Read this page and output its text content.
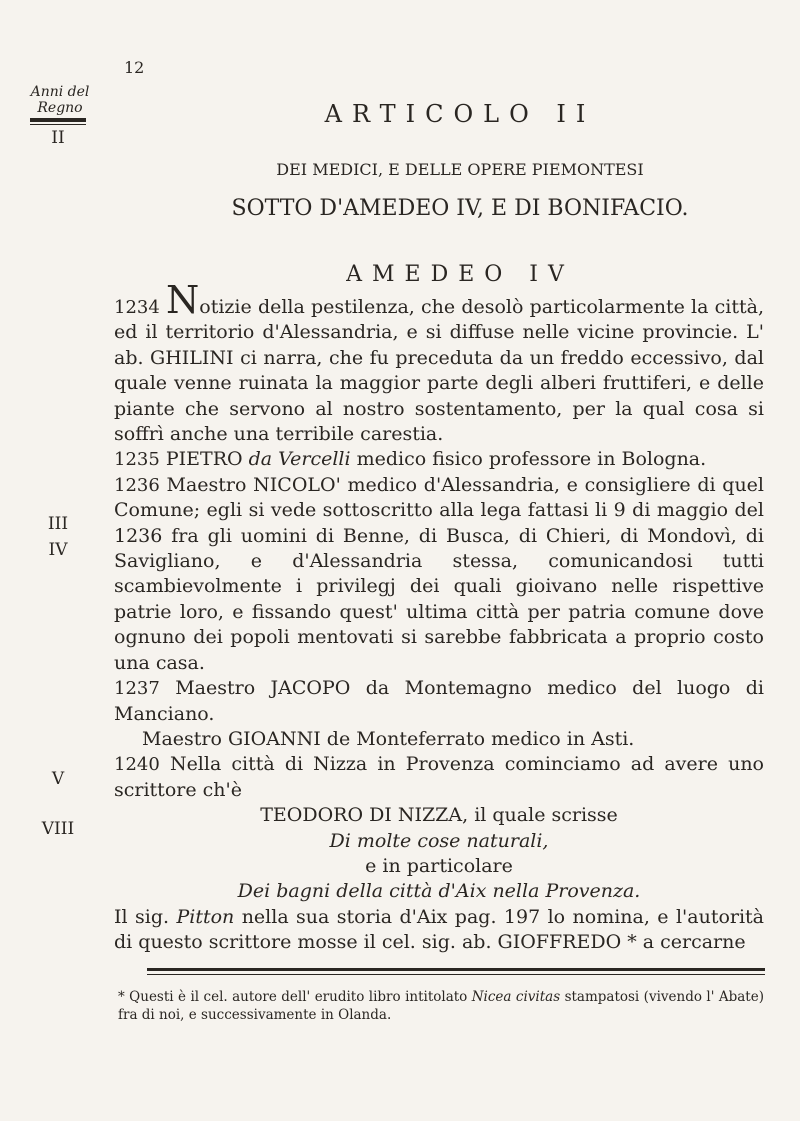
12
Anni del Regno
II
III
IV
V
VIII
ARTICOLO II
DEI MEDICI, E DELLE OPERE PIEMONTESI
SOTTO D'AMEDEO IV, E DI BONIFACIO.
AMEDEO IV

1234 Notizie della pestilenza, che desolò particolarmente la città, ed il territorio d'Alessandria, e si diffuse nelle vicine provincie. L' ab. GHILINI ci narra, che fu preceduta da un freddo eccessivo, dal quale venne ruinata la maggior parte degli alberi fruttiferi, e delle piante che servono al nostro sostentamento, per la qual cosa si soffrì anche una terribile carestia.

1235 PIETRO da Vercelli medico fisico professore in Bologna.

1236 Maestro NICOLO' medico d'Alessandria, e consigliere di quel Comune; egli si vede sottoscritto alla lega fattasi li 9 di maggio del 1236 fra gli uomini di Benne, di Busca, di Chieri, di Mondovì, di Savigliano, e d'Alessandria stessa, comunicandosi tutti scambievolmente i privilegj dei quali gioivano nelle rispettive patrie loro, e fissando quest' ultima città per patria comune dove ognuno dei popoli mentovati si sarebbe fabbricata a proprio costo una casa.

1237 Maestro JACOPO da Montemagno medico del luogo di Manciano.

Maestro GIOANNI de Monteferrato medico in Asti.

1240 Nella città di Nizza in Provenza cominciamo ad avere uno scrittore ch'è

TEODORO DI NIZZA, il quale scrisse

Di molte cose naturali,

e in particolare

Dei bagni della città d'Aix nella Provenza.

Il sig. Pitton nella sua storia d'Aix pag. 197 lo nomina, e l'autorità di questo scrittore mosse il cel. sig. ab. GIOFFREDO * a cercarne

* Questi è il cel. autore dell' erudito libro intitolato Nicea civitas stampatosi (vivendo l' Abate) fra di noi, e successivamente in Olanda.
